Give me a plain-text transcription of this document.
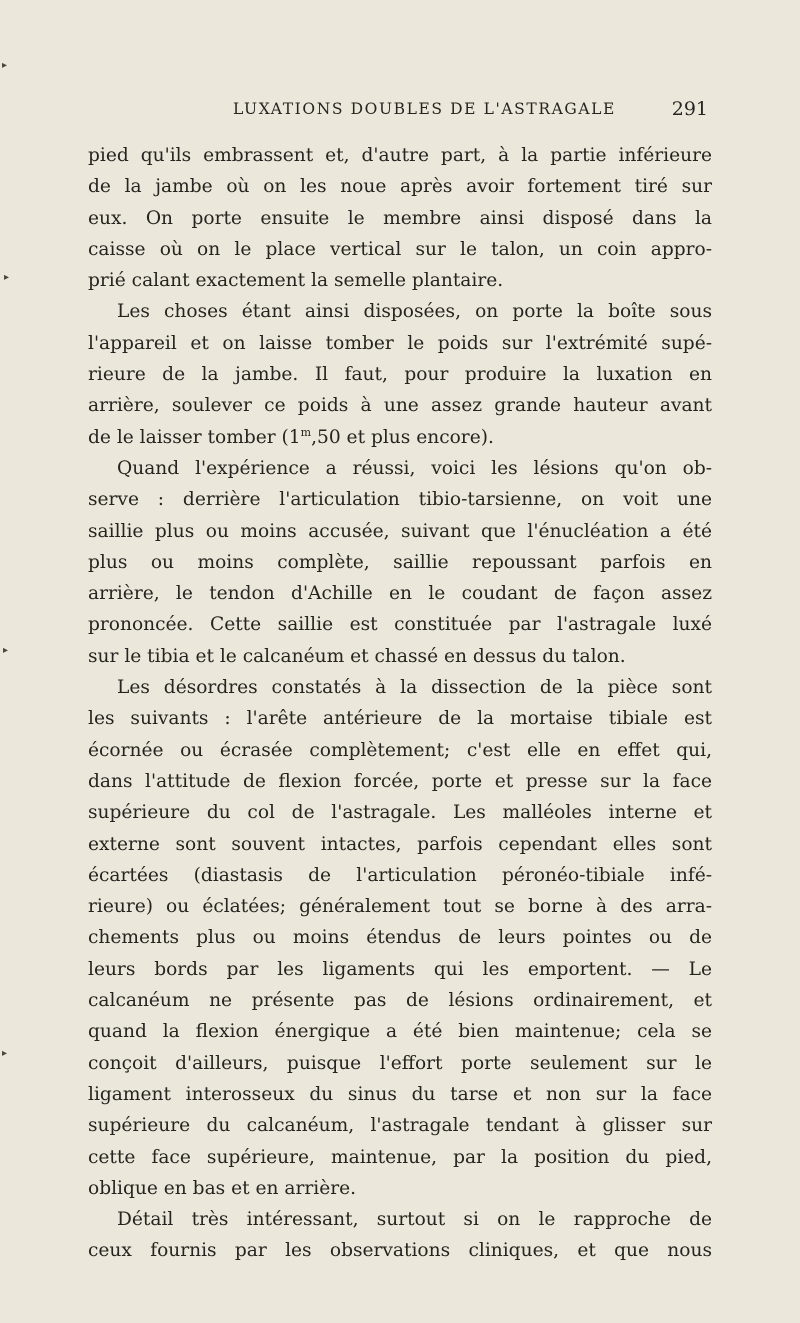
LUXATIONS DOUBLES DE L'ASTRAGALE	291
pied qu'ils embrassent et, d'autre part, à la partie inférieure
de la jambe où on les noue après avoir fortement tiré sur
eux. On porte ensuite le membre ainsi disposé dans la
caisse où on le place vertical sur le talon, un coin appro-
prié calant exactement la semelle plantaire.
Les choses étant ainsi disposées, on porte la boîte sous
l'appareil et on laisse tomber le poids sur l'extrémité supé-
rieure de la jambe. Il faut, pour produire la luxation en
arrière, soulever ce poids à une assez grande hauteur avant
de le laisser tomber (1$^m$,50 et plus encore).
Quand l'expérience a réussi, voici les lésions qu'on ob-
serve : derrière l'articulation tibio-tarsienne, on voit une
saillie plus ou moins accusée, suivant que l'énucléation a été
plus ou moins complète, saillie repoussant parfois en
arrière, le tendon d'Achille en le coudant de façon assez
prononcée. Cette saillie est constituée par l'astragale luxé
sur le tibia et le calcanéum et chassé en dessus du talon.
Les désordres constatés à la dissection de la pièce sont
les suivants : l'arête antérieure de la mortaise tibiale est
écornée ou écrasée complètement; c'est elle en effet qui,
dans l'attitude de flexion forcée, porte et presse sur la face
supérieure du col de l'astragale. Les malléoles interne et
externe sont souvent intactes, parfois cependant elles sont
écartées (diastasis de l'articulation péronéo-tibiale infé-
rieure) ou éclatées; généralement tout se borne à des arra-
chements plus ou moins étendus de leurs pointes ou de
leurs bords par les ligaments qui les emportent. — Le
calcanéum ne présente pas de lésions ordinairement, et
quand la flexion énergique a été bien maintenue; cela se
conçoit d'ailleurs, puisque l'effort porte seulement sur le
ligament interosseux du sinus du tarse et non sur la face
supérieure du calcanéum, l'astragale tendant à glisser sur
cette face supérieure, maintenue, par la position du pied,
oblique en bas et en arrière.
Détail très intéressant, surtout si on le rapproche de
ceux fournis par les observations cliniques, et que nous
▸
▸
▸
▸
